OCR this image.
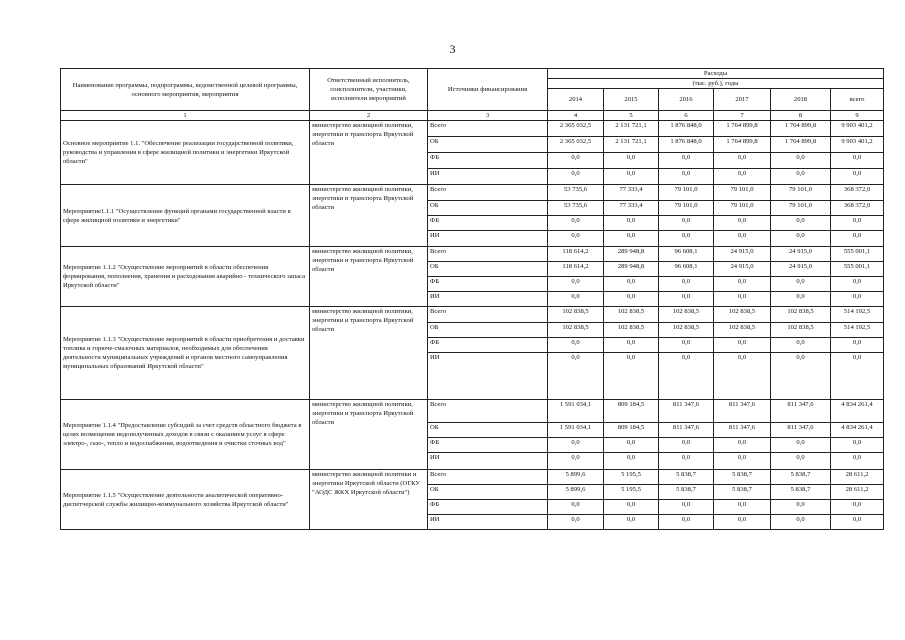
3
Наименование программы, подпрограммы, ведомственной целевой программы, основного мероприятия, мероприятия	Ответственный исполнитель, соисполнители, участники, исполнители мероприятий	Источники финансирования	Расходы					
			(тыс. руб.), годы					
			2014	2015	2016	2017	2018	всего
1	2	3	4	5	6	7	8	9
Основное мероприятие 1.1. "Обеспечение реализации государственной политики, руководства и управления в сфере жилищной политики и энергетики Иркутской области"	министерство жилищной политики, энергетики и транспорта Иркутской области	Всего	2 365 032,5	2 131 721,1	1 876 848,0	1 764 899,8	1 764 899,8	9 903 401,2
		ОБ	2 365 032,5	2 131 721,1	1 876 848,0	1 764 899,8	1 764 899,8	9 903 401,2
		ФБ	0,0	0,0	0,0	0,0	0,0	0,0
		ИИ	0,0	0,0	0,0	0,0	0,0	0,0
Мероприятие1.1.1 "Осуществление функций органами государственной власти в сфере жилищной политики и энергетики"	министерство жилищной политики, энергетики и транспорта Иркутской области	Всего	53 735,6	77 333,4	79 101,0	79 101,0	79 101,0	368 372,0
		ОБ	53 735,6	77 333,4	79 101,0	79 101,0	79 101,0	368 372,0
		ФБ	0,0	0,0	0,0	0,0	0,0	0,0
		ИИ	0,0	0,0	0,0	0,0	0,0	0,0
Мероприятие 1.1.2 "Осуществление мероприятий в области обеспечения формирования, пополнения, хранения и расходования аварийно - технического запаса Иркутской области"	министерство жилищной политики, энергетики и транспорта Иркутской области	Всего	118 614,2	289 948,8	96 608,1	24 915,0	24 915,0	555 001,1
		ОБ	118 614,2	289 948,8	96 608,1	24 915,0	24 915,0	555 001,1
		ФБ	0,0	0,0	0,0	0,0	0,0	0,0
		ИИ	0,0	0,0	0,0	0,0	0,0	0,0
Мероприятие 1.1.3 "Осуществление мероприятий в области приобретения и доставки топлива и горюче-смазочных материалов, необходимых для обеспечения деятельности муниципальных учреждений и органов местного самоуправления муниципальных образований Иркутской области"	министерство жилищной политики, энергетики и транспорта Иркутской области	Всего	102 838,5	102 838,5	102 838,5	102 838,5	102 838,5	514 192,5
		ОБ	102 838,5	102 838,5	102 838,5	102 838,5	102 838,5	514 192,5
		ФБ	0,0	0,0	0,0	0,0	0,0	0,0
		ИИ	0,0	0,0	0,0	0,0	0,0	0,0
Мероприятие 1.1.4 "Предоставление субсидий за счет средств областного бюджета в целях возмещения недополученных доходов в связи с оказанием услуг в сфере электро-, газо-, тепло и водоснабжения, водоотведения и очистки сточных вод"	министерство жилищной политики, энергетики и транспорта Иркутской области	Всего	1 591 034,1	809 184,5	811 347,6	811 347,6	811 347,6	4 834 261,4
		ОБ	1 591 034,1	809 184,5	811 347,6	811 347,6	811 347,6	4 834 261,4
		ФБ	0,0	0,0	0,0	0,0	0,0	0,0
		ИИ	0,0	0,0	0,0	0,0	0,0	0,0
Мероприятие 1.1.5 "Осуществление деятельности аналитической оперативно-диспетчерской службы жилищно-коммунального хозяйства Иркутской области"	министерство жилищной политики и энергетики Иркутской области (ОГКУ "АОДС ЖКХ Иркутской области")	Всего	5 899,6	5 195,5	5 838,7	5 838,7	5 838,7	28 611,2
		ОБ	5 899,6	5 195,5	5 838,7	5 838,7	5 838,7	28 611,2
		ФБ	0,0	0,0	0,0	0,0	0,0	0,0
		ИИ	0,0	0,0	0,0	0,0	0,0	0,0
